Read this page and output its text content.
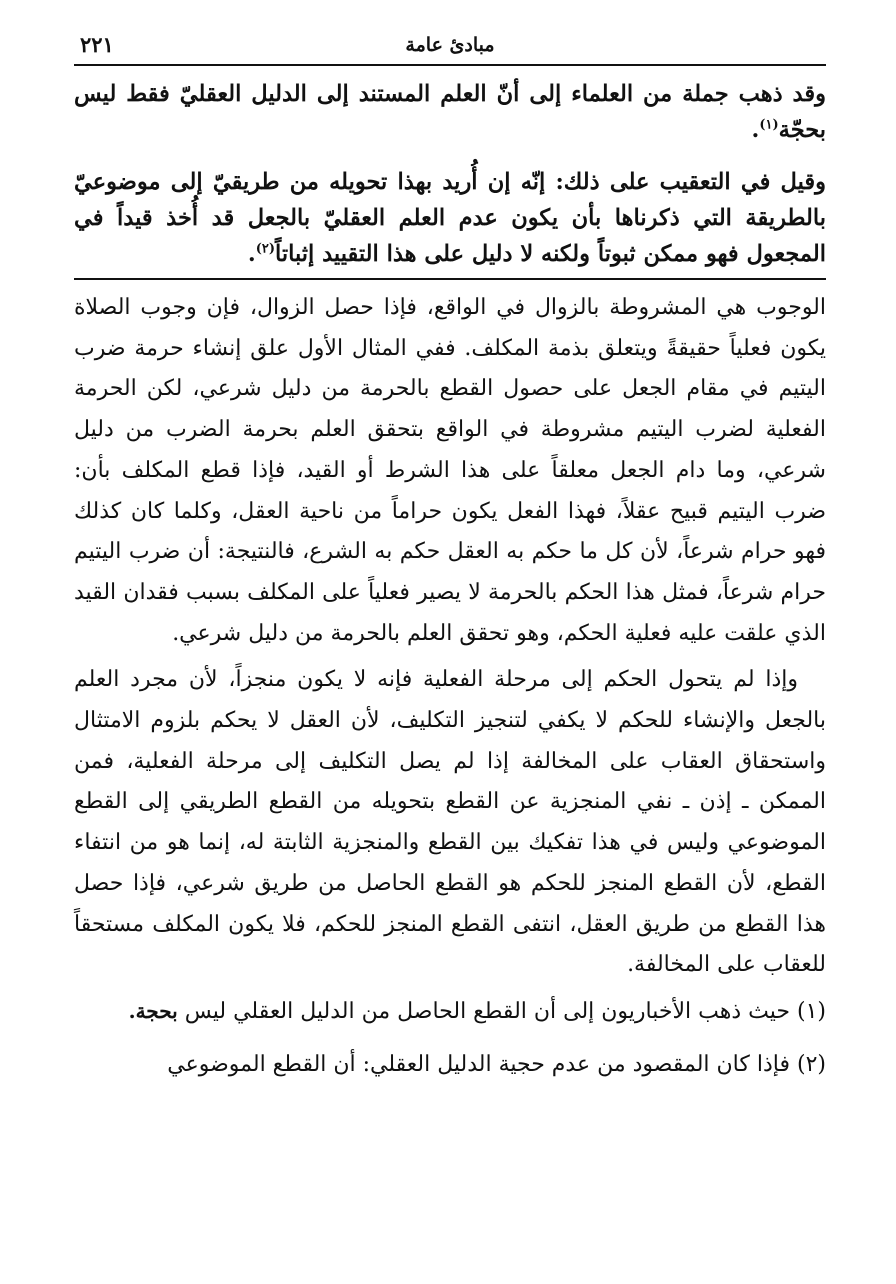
مبادئ عامة
٢٢١

وقد ذهب جملة من العلماء إلى أنّ العلم المستند إلى الدليل العقليّ فقط ليس بحجّة$^{(١)}$.

وقيل في التعقيب على ذلك: إنّه إن أُريد بهذا تحويله من طريقيّ إلى موضوعيّ بالطريقة التي ذكرناها بأن يكون عدم العلم العقليّ بالجعل قد أُخذ قيداً في المجعول فهو ممكن ثبوتاً ولكنه لا دليل على هذا التقييد إثباتاً$^{(٢)}$.

الوجوب هي المشروطة بالزوال في الواقع، فإذا حصل الزوال، فإن وجوب الصلاة يكون فعلياً حقيقةً ويتعلق بذمة المكلف. ففي المثال الأول علق إنشاء حرمة ضرب اليتيم في مقام الجعل على حصول القطع بالحرمة من دليل شرعي، لكن الحرمة الفعلية لضرب اليتيم مشروطة في الواقع بتحقق العلم بحرمة الضرب من دليل شرعي، وما دام الجعل معلقاً على هذا الشرط أو القيد، فإذا قطع المكلف بأن: ضرب اليتيم قبيح عقلاً، فهذا الفعل يكون حراماً من ناحية العقل، وكلما كان كذلك فهو حرام شرعاً، لأن كل ما حكم به العقل حكم به الشرع، فالنتيجة: أن ضرب اليتيم حرام شرعاً، فمثل هذا الحكم بالحرمة لا يصير فعلياً على المكلف بسبب فقدان القيد الذي علقت عليه فعلية الحكم، وهو تحقق العلم بالحرمة من دليل شرعي.

وإذا لم يتحول الحكم إلى مرحلة الفعلية فإنه لا يكون منجزاً، لأن مجرد العلم بالجعل والإنشاء للحكم لا يكفي لتنجيز التكليف، لأن العقل لا يحكم بلزوم الامتثال واستحقاق العقاب على المخالفة إذا لم يصل التكليف إلى مرحلة الفعلية، فمن الممكن ـ إذن ـ نفي المنجزية عن القطع بتحويله من القطع الطريقي إلى القطع الموضوعي وليس في هذا تفكيك بين القطع والمنجزية الثابتة له، إنما هو من انتفاء القطع، لأن القطع المنجز للحكم هو القطع الحاصل من طريق شرعي، فإذا حصل هذا القطع من طريق العقل، انتفى القطع المنجز للحكم، فلا يكون المكلف مستحقاً للعقاب على المخالفة.

(١) حيث ذهب الأخباريون إلى أن القطع الحاصل من الدليل العقلي ليس بحجة.

(٢) فإذا كان المقصود من عدم حجية الدليل العقلي: أن القطع الموضوعي
